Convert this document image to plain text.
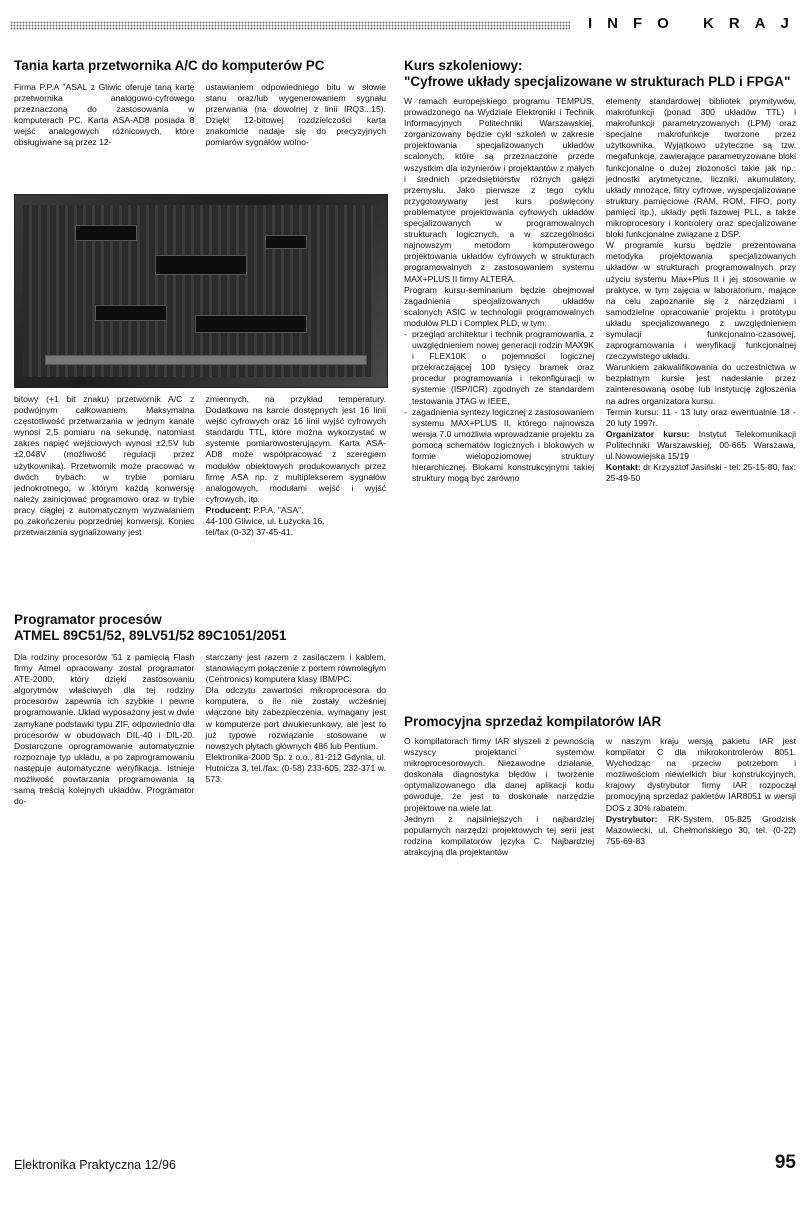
INFO KRAJ
Tania karta przetwornika A/C do komputerów PC
Firma P.P.A "ASAL z Gliwic oferuje taną kartę przetwornika analogowo-cyfrowego przeznaczoną do zastosowania w komputerach PC. Karta ASA-AD8 posiada 8 wejść analogowych różnicowych, które obsługiwane są przez 12-
ustawianiem odpowiedniego bitu w słowie stanu oraz/lub wygenerowaniem sygnału przerwania (na dowolnej z linii IRQ3...15). Dzięki 12-bitowej rozdzielczości karta znakomicie nadaje się do precyzyjnych pomiarów sygnałów wolno-
bitowy (+1 bit znaku) przetwornik A/C z podwójnym całkowaniem. Maksymalna częstotliwość przetwarzania w jednym kanale wynosi 2,5 pomiaru na sekundę, natomiast zakres napięć wejściowych wynosi ±2,5V lub ±2,048V (możliwość regulacji przez użytkownika). Przetwornik może pracować w dwóch trybach: w trybie pomiaru jednokrotnego, w którym każdą konwersję należy zainicjować programowo oraz w trybie pracy ciągłej z automatycznym wyzwalaniem po zakończeniu poprzedniej konwersji. Koniec przetwarzania sygnalizowany jest

zmiennych, na przykład temperatury. Dodatkowo na karcie dostępnych jest 16 linii wejść cyfrowych oraz 16 linii wyjść cyfrowych standardu TTL, które można wykorzystać w systemie pomiarowosterującym. Karta ASA-AD8 może współpracować z szeregiem modułów obiektowych produkowanych przez firmę ASA np. z multiplekserem sygnałów analogowych, modułami wejść i wyjść cyfrowych, itp.

Producent: P.P.A. "ASA",

44-100 Gliwice, ul. Łużycka 16,

tel/fax (0-32) 37-45-41.

Programator procesów
ATMEL 89C51/52, 89LV51/52 89C1051/2051
Dla rodziny procesorów '51 z pamięcią Flash firmy Atmel opracowany został programator ATE-2000, który dzięki zastosowaniu algorytmów właściwych dla tej rodziny procesorów zapewnia ich szybkie i pewne programowanie. Układ wyposażony jest w dwie zamykane podstawki typu ZIF, odpowiednio dla procesorów w obudowach DIL-40 i DIL-20. Dostarczone oprogramowanie automatycznie rozpoznaje typ układu, a po zaprogramowaniu następuje automatyczne weryfikacja. Istnieje możliwość powtarzania programowania tą samą treścią kolejnych układów. Programator do-

starczany jest razem z zasilaczem i kablem, stanowiącym połączenie z portem równoległym (Centronics) komputera klasy IBM/PC.

Dla odczytu zawartości mikroprocesora do komputera, o ile nie zostały wcześniej włączone bity zabezpieczenia, wymagany jest w komputerze port dwukierunkowy, ale jest to już typowe rozwiązanie stosowane w nowszych płytach głównych 486 lub Pentium.

Elektronika-2000 Sp. z o.o., 81-212 Gdynia, ul. Hutnicza 3, tel./fax: (0-58) 233-605, 232-371 w. 573.

Kurs szkoleniowy:
"Cyfrowe układy specjalizowane w strukturach PLD i FPGA"

W ramach europejskiego programu TEMPUS, prowadzonego na Wydziale Elektroniki i Technik Informacyjnych Politechniki Warszawskiej, zorganizowany będzie cykl szkoleń w zakresie projektowania specjalizowanych układów scalonych, które są przeznaczone przede wszystkim dla inżynierów i projektantów z małych i średnich przedsiębiorstw różnych gałęzi przemysłu. Jako pierwsze z tego cyklu przygotowywany jest kurs poświęcony problematyce projektowania cyfrowych układów specjalizowanych w programowalnych strukturach logicznych, a w szczególności najnowszym metodom komputerowego projektowania układów cyfrowych w strukturach programowalnych z zastosowaniem systemu MAX+PLUS II firmy ALTERA.

Program kursu-seminarium będzie obejmował zagadnienia specjalizowanych układów scalonych ASIC w technologii programowalnych modułów PLD i Complex PLD, w tym:

- przegląd architektur i technik programowania, z uwzględnieniem nowej generacji rodzin MAX9K i FLEX10K o pojemności logicznej przekraczającej 100 tysięcy bramek oraz procedur programowania i rekonfiguracji w systemie (ISP/ICR) zgodnych ze standardem testowania JTAG w IEEE,
- zagadnienia syntezy logicznej z zastosowaniem systemu MAX+PLUS II, którego najnowsza wersja 7.0 umożliwia wprowadzanie projektu za pomocą schematów logicznych i blokowych w formie wielopoziomowej struktury hierarchicznej. Blokami konstrukcyjnymi takiej struktury mogą być zarówno

elementy standardowej bibliotek prymitywów, makrofunkcji (ponad 300 układów TTL) i makrofunkcji parametryzowanych (LPM) oraz specjalne makrofunkcje tworzone przez użytkownika. Wyjątkowo użyteczne są tzw. megafunkcje, zawierające parametryzowane bloki funkcjonalne o dużej złożoności takie jak np.: jednostki arytmetyczne, liczniki, akumulatory, układy mnożące, filtry cyfrowe, wyspecjalizowane struktury pamięciowe (RAM, ROM, FIFO, porty pamięci itp.), układy pętli fazowej PLL, a także mikroprocesory i kontrolery oraz specjalizowane bloki funkcjonalne związane z DSP.

W programie kursu będzie prezentowana metodyka projektowania specjalizowanych układów w strukturach programowalnych przy użyciu systemu Max+Plus II i jej stosowanie w praktyce, w tym zajęcia w laboratorium, mające na celu zapoznanie się z narzędziami i samodzielne opracowanie projektu i prototypu układu specjalizowanego z uwzględnieniem symulacji funkcjonalno-czasowej, zaprogramowania i weryfikacji funkcjonalnej rzeczywistego układu.

Warunkiem zakwalifikowania do uczestnictwa w bezpłatnym kursie jest nadesłanie przez zainteresowaną osobę lub instytucję zgłoszenia na adres organizatora kursu.

Termin kursu: 11 - 13 luty oraz ewentualnie 18 - 20 luty 1997r.

Organizator kursu: Instytut Telekomunikacji Politechniki Warszawskiej, 00-665 Warszawa, ul.Nowowiejska 15/19

Kontakt: dr Krzysztof Jasiński - tel: 25-15-80, fax: 25-49-50

Promocyjna sprzedaż kompilatorów IAR

O kompilatorach firmy IAR słyszeli z pewnością wszyscy projektanci systemów mikroprocesorowych. Niezawodne działanie, doskonała diagnostyka błędów i tworzenie optymalizowanego dla danej aplikacji kodu powoduje, że jest to doskonałe narzędzie projektowe na wiele lat.

Jednym z najsilniejszych i najbardziej popularnych narzędzi projektowych tej serii jest rodzina kompilatorów języka C. Najbardziej atrakcyjną dla projektantów

w naszym kraju wersją pakietu IAR jest kompilator C dla mikrokontrolerów 8051. Wychodząc na przeciw potrzebom i możliwościom niewielkich biur konstrukcyjnych, krajowy dystrybutor firmy IAR rozpoczął promocyjną sprzedaż pakietów IAR8051 w wersji DOS z 30% rabatem.

Dystrybutor: RK-System, 05-825 Grodzisk Mazowiecki, ul. Chełmońskiego 30, tel. (0-22) 755-69-83

Elektronika Praktyczna 12/96	95
